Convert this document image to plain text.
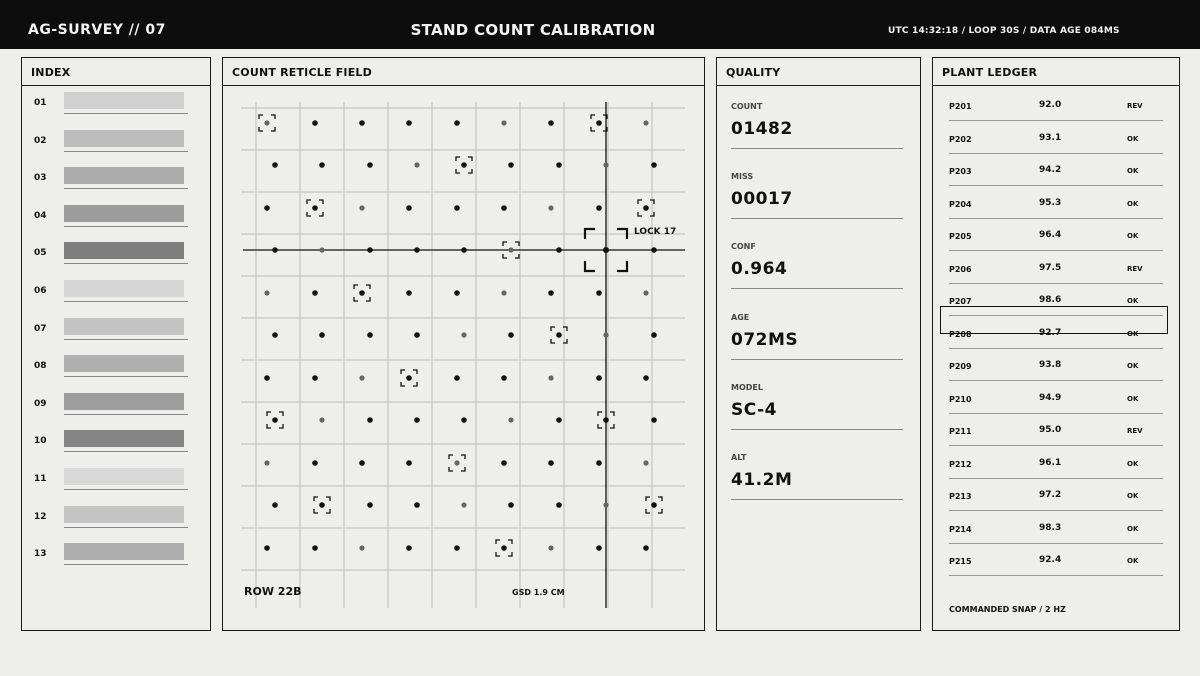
AG-SURVEY // 07	STAND COUNT CALIBRATION	UTC 14:32:18 / LOOP 30S / DATA AGE 084MS
INDEX
01
02
03
04
05
06
07
08
09
10
11
12
13
COUNT RETICLE FIELD
LOCK 17
ROW 22B	GSD 1.9 CM
QUALITY
COUNT
01482
MISS
00017
CONF
0.964
AGE
072MS
MODEL
SC-4
ALT
41.2M
PLANT LEDGER
P201	92.0	REV
P202	93.1	OK
P203	94.2	OK
P204	95.3	OK
P205	96.4	OK
P206	97.5	REV
P207	98.6	OK
P208	92.7	OK
P209	93.8	OK
P210	94.9	OK
P211	95.0	REV
P212	96.1	OK
P213	97.2	OK
P214	98.3	OK
P215	92.4	OK
COMMANDED SNAP / 2 HZ
